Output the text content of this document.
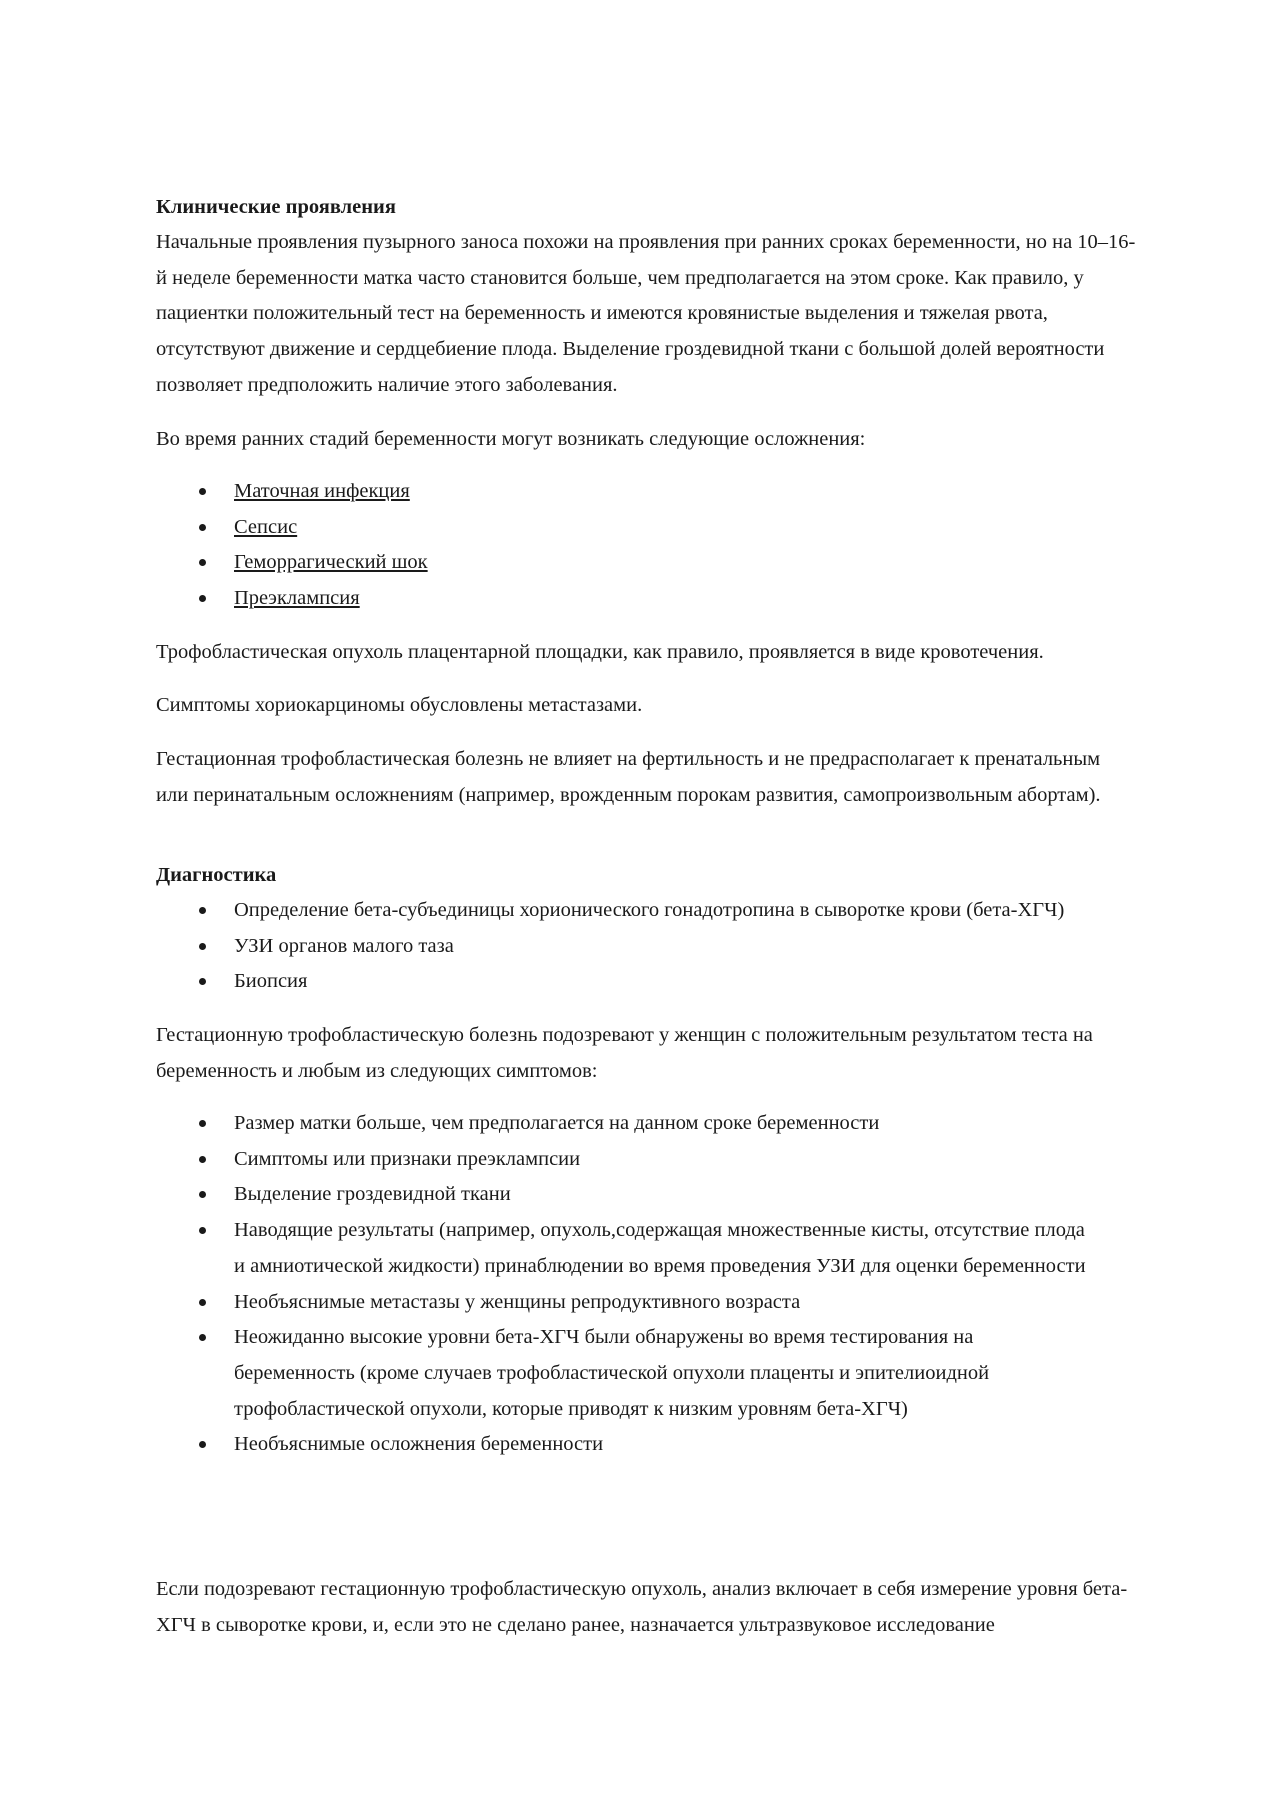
Клинические проявления
Начальные проявления пузырного заноса похожи на проявления при ранних сроках беременности, но на 10–16-й неделе беременности матка часто становится больше, чем предполагается на этом сроке. Как правило, у пациентки положительный тест на беременность и имеются кровянистые выделения и тяжелая рвота, отсутствуют движение и сердцебиение плода. Выделение гроздевидной ткани с большой долей вероятности позволяет предположить наличие этого заболевания.
Во время ранних стадий беременности могут возникать следующие осложнения:
Маточная инфекция
Сепсис
Геморрагический шок
Преэклампсия
Трофобластическая опухоль плацентарной площадки, как правило, проявляется в виде кровотечения.
Симптомы хориокарциномы обусловлены метастазами.
Гестационная трофобластическая болезнь не влияет на фертильность и не предрасполагает к пренатальным или перинатальным осложнениям (например, врожденным порокам развития, самопроизвольным абортам).
Диагностика
Определение бета-субъединицы хорионического гонадотропина в сыворотке крови (бета-ХГЧ)
УЗИ органов малого таза
Биопсия
Гестационную трофобластическую болезнь подозревают у женщин с положительным результатом теста на беременность и любым из следующих симптомов:
Размер матки больше, чем предполагается на данном сроке беременности
Симптомы или признаки преэклампсии
Выделение гроздевидной ткани
Наводящие результаты (например, опухоль,содержащая множественные кисты, отсутствие плода и амниотической жидкости) принаблюдении во время проведения УЗИ для оценки беременности
Необъяснимые метастазы у женщины репродуктивного возраста
Неожиданно высокие уровни бета-ХГЧ были обнаружены во время тестирования на беременность (кроме случаев трофобластической опухоли плаценты и эпителиоидной трофобластической опухоли, которые приводят к низким уровням бета-ХГЧ)
Необъяснимые осложнения беременности
Если подозревают гестационную трофобластическую опухоль, анализ включает в себя измерение уровня бета-ХГЧ в сыворотке крови, и, если это не сделано ранее, назначается ультразвуковое исследование
